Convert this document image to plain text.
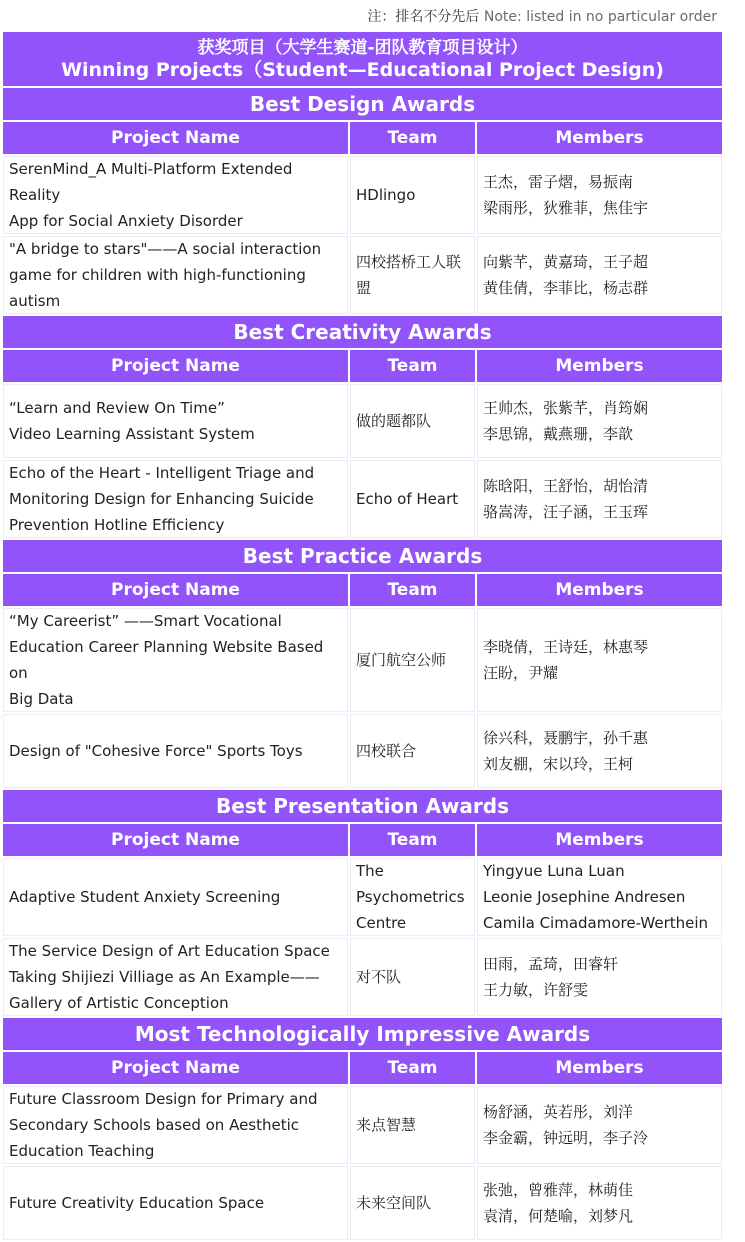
注：排名不分先后 Note: listed in no particular order
获奖项目（大学生赛道-团队教育项目设计）
Winning Projects（Student—Educational Project Design)		

Best Design Awards		
Project Name	Team	Members

SerenMind_A Multi-Platform Extended Reality
App for Social Anxiety Disorder	HDlingo	王杰，雷子熠，易振南
梁雨彤，狄雅菲，焦佳宇

"A bridge to stars"——A social interaction
game for children with high-functioning autism	四校搭桥工人联
盟	向紫芊，黄嘉琦，王子超
黄佳倩，李菲比，杨志群

Best Creativity Awards		
Project Name	Team	Members

“Learn and Review On Time”
Video Learning Assistant System	做的题都队	王帅杰，张紫芊，肖筠娴
李思锦，戴燕珊，李歆

Echo of the Heart - Intelligent Triage and
Monitoring Design for Enhancing Suicide
Prevention Hotline Efficiency	Echo of Heart	陈晗阳，王舒怡，胡怡清
骆嵩涛，汪子涵，王玉珲

Best Practice Awards		
Project Name	Team	Members

“My Careerist” ——Smart Vocational
Education Career Planning Website Based on
Big Data	厦门航空公师	李晓倩，王诗廷，林惠琴
汪盼，尹耀

Design of "Cohesive Force" Sports Toys	四校联合	徐兴科，聂鹏宇，孙千惠
刘友棚，宋以玲，王柯

Best Presentation Awards		
Project Name	Team	Members

Adaptive Student Anxiety Screening	The
Psychometrics
Centre	Yingyue Luna Luan
Leonie Josephine Andresen
Camila Cimadamore-Werthein

The Service Design of Art Education Space
Taking Shijiezi Villiage as An Example——
Gallery of Artistic Conception	对不队	田雨，孟琦，田睿轩
王力敏，许舒雯

Most Technologically Impressive Awards		
Project Name	Team	Members

Future Classroom Design for Primary and
Secondary Schools based on Aesthetic
Education Teaching	来点智慧	杨舒涵，英若彤，刘洋
李金霸，钟远明，李子泠

Future Creativity Education Space	未来空间队	张弛，曾雅萍，林萌佳
袁清，何楚喻，刘梦凡
